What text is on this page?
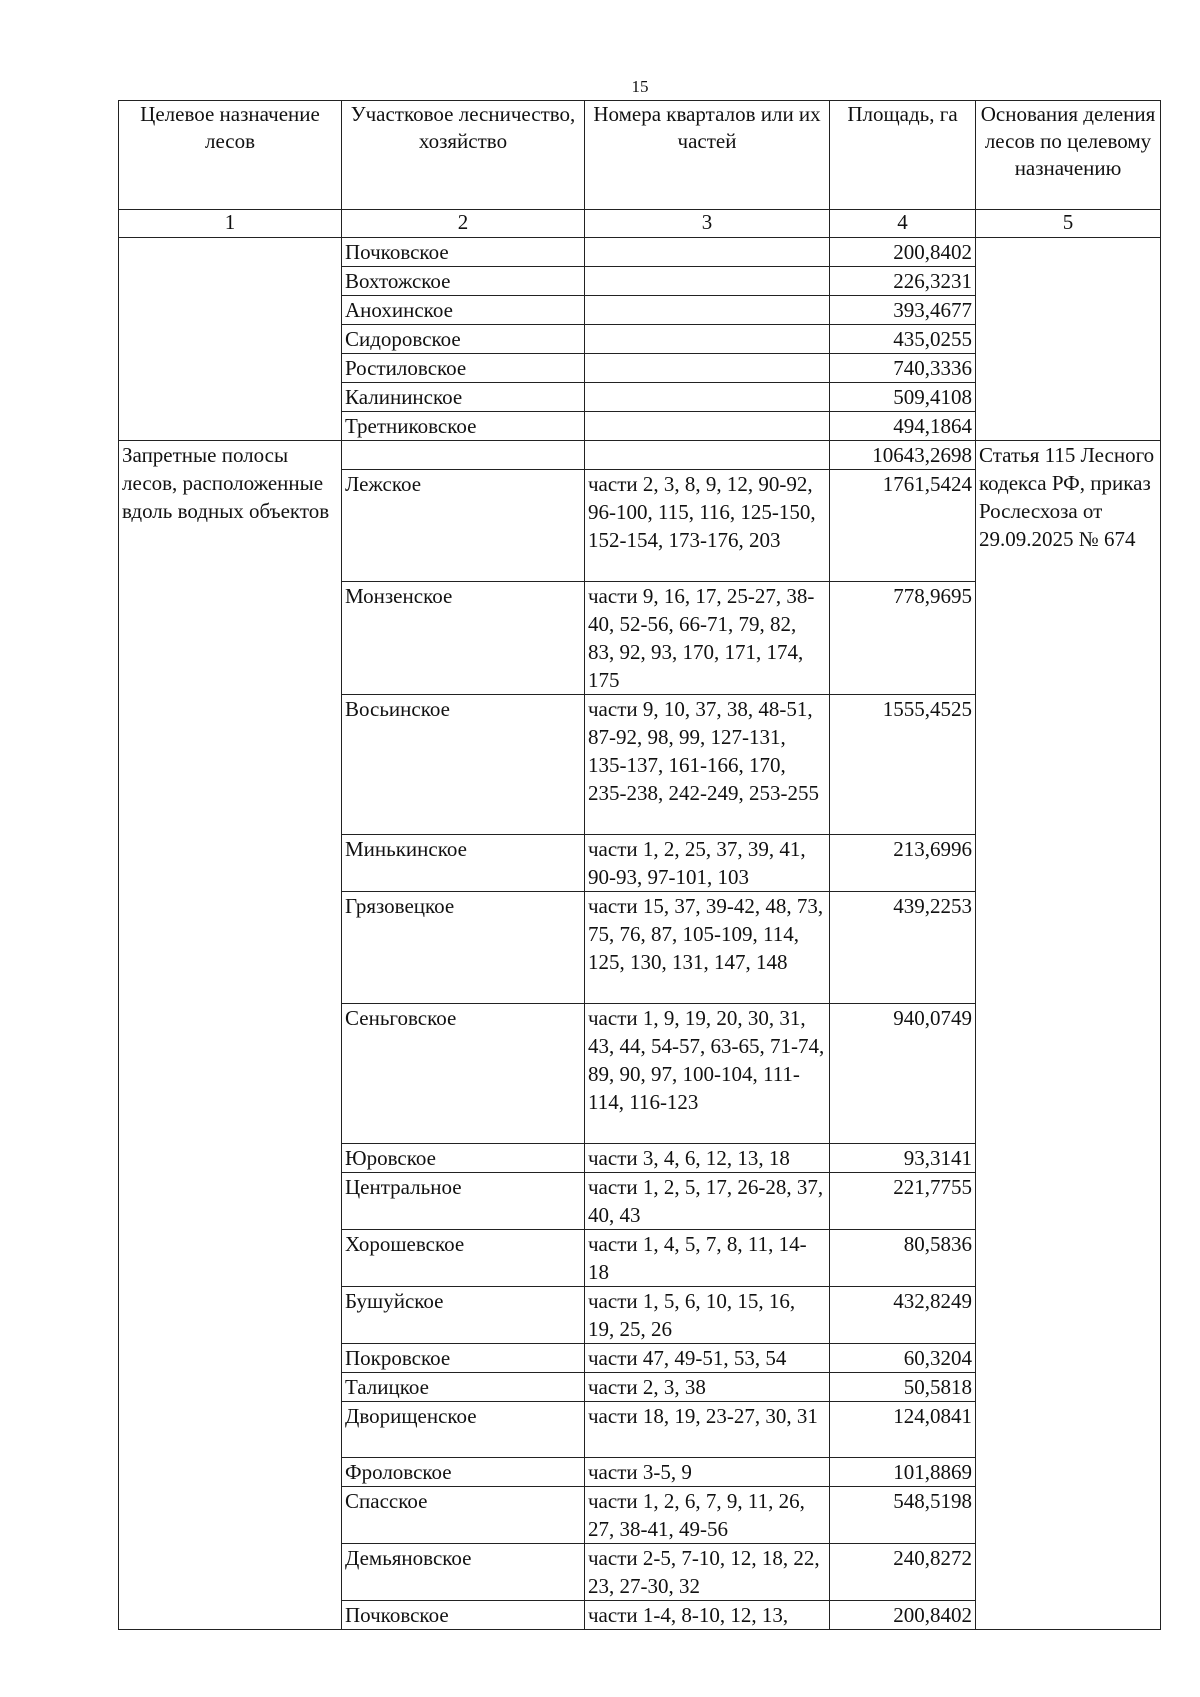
15
Целевое назначение лесов	Участковое лесничество, хозяйство	Номера кварталов или их частей	Площадь, га	Основания деления лесов по целевому назначению
1	2	3	4	5
	Почковское		200,8402	
	Вохтожское		226,3231	
	Анохинское		393,4677	
	Сидоровское		435,0255	
	Ростиловское		740,3336	
	Калининское		509,4108	
	Третниковское		494,1864	
Запретные полосы лесов, расположенные вдоль водных объектов			10643,2698	Статья 115 Лесного кодекса РФ, приказ Рослесхоза от 29.09.2025 № 674
	Лежское	части 2, 3, 8, 9, 12, 90-92, 96-100, 115, 116, 125-150, 152-154, 173-176, 203	1761,5424	
	Монзенское	части 9, 16, 17, 25-27, 38-40, 52-56, 66-71, 79, 82, 83, 92, 93, 170, 171, 174, 175	778,9695	
	Восьинское	части 9, 10, 37, 38, 48-51, 87-92, 98, 99, 127-131, 135-137, 161-166, 170, 235-238, 242-249, 253-255	1555,4525	
	Минькинское	части 1, 2, 25, 37, 39, 41, 90-93, 97-101, 103	213,6996	
	Грязовецкое	части 15, 37, 39-42, 48, 73, 75, 76, 87, 105-109, 114, 125, 130, 131, 147, 148	439,2253	
	Сеньговское	части 1, 9, 19, 20, 30, 31, 43, 44, 54-57, 63-65, 71-74, 89, 90, 97, 100-104, 111-114, 116-123	940,0749	
	Юровское	части 3, 4, 6, 12, 13, 18	93,3141	
	Центральное	части 1, 2, 5, 17, 26-28, 37, 40, 43	221,7755	
	Хорошевское	части 1, 4, 5, 7, 8, 11, 14-18	80,5836	
	Бушуйское	части 1, 5, 6, 10, 15, 16, 19, 25, 26	432,8249	
	Покровское	части 47, 49-51, 53, 54	60,3204	
	Талицкое	части 2, 3, 38	50,5818	
	Дворищенское	части 18, 19, 23-27, 30, 31	124,0841	
	Фроловское	части 3-5, 9	101,8869	
	Спасское	части 1, 2, 6, 7, 9, 11, 26, 27, 38-41, 49-56	548,5198	
	Демьяновское	части 2-5, 7-10, 12, 18, 22, 23, 27-30, 32	240,8272	
	Почковское	части 1-4, 8-10, 12, 13,	200,8402	
